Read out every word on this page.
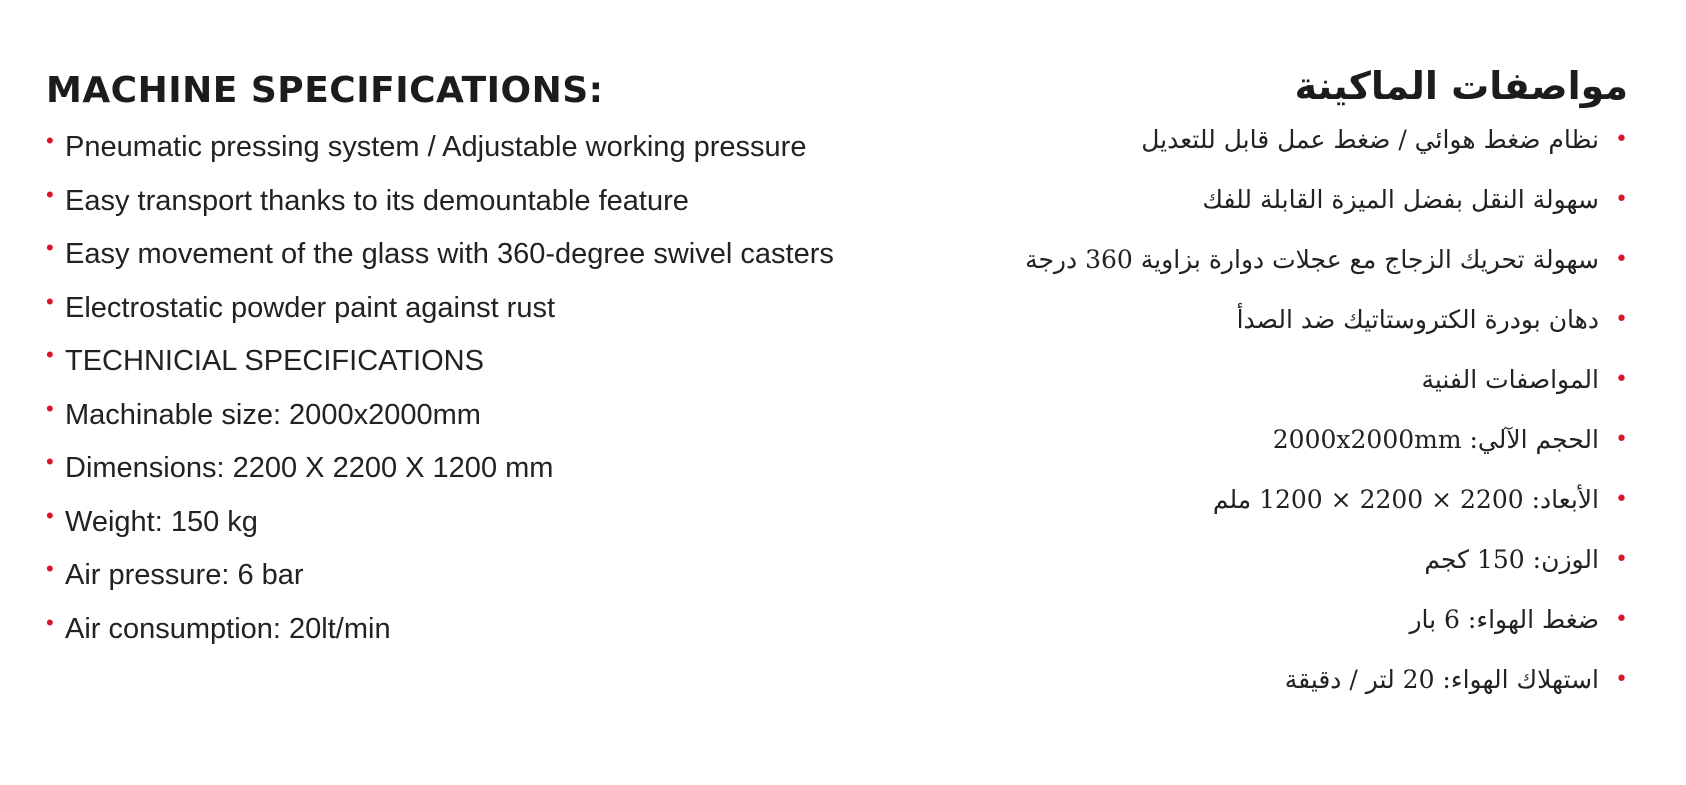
MACHINE SPECIFICATIONS:
• Pneumatic pressing system / Adjustable working pressure
• Easy transport thanks to its demountable feature
• Easy movement of the glass with 360-degree swivel casters
• Electrostatic powder paint against rust
• TECHNICIAL SPECIFICATIONS
• Machinable size: 2000x2000mm
• Dimensions: 2200 X 2200 X 1200 mm
• Weight: 150 kg
• Air pressure: 6 bar
• Air consumption: 20lt/min
مواصفات الماكينة
•
نظام ضغط هوائي / ضغط عمل قابل للتعديل
•
سهولة النقل بفضل الميزة القابلة للفك
•
سهولة تحريك الزجاج مع عجلات دوارة بزاوية 360 درجة
•
دهان بودرة الكتروستاتيك ضد الصدأ
•
المواصفات الفنية
•
الحجم الآلي: 2000x2000mm
•
الأبعاد: 2200 × 2200 × 1200 ملم
•
الوزن: 150 كجم
•
ضغط الهواء: 6 بار
•
استهلاك الهواء: 20 لتر / دقيقة
